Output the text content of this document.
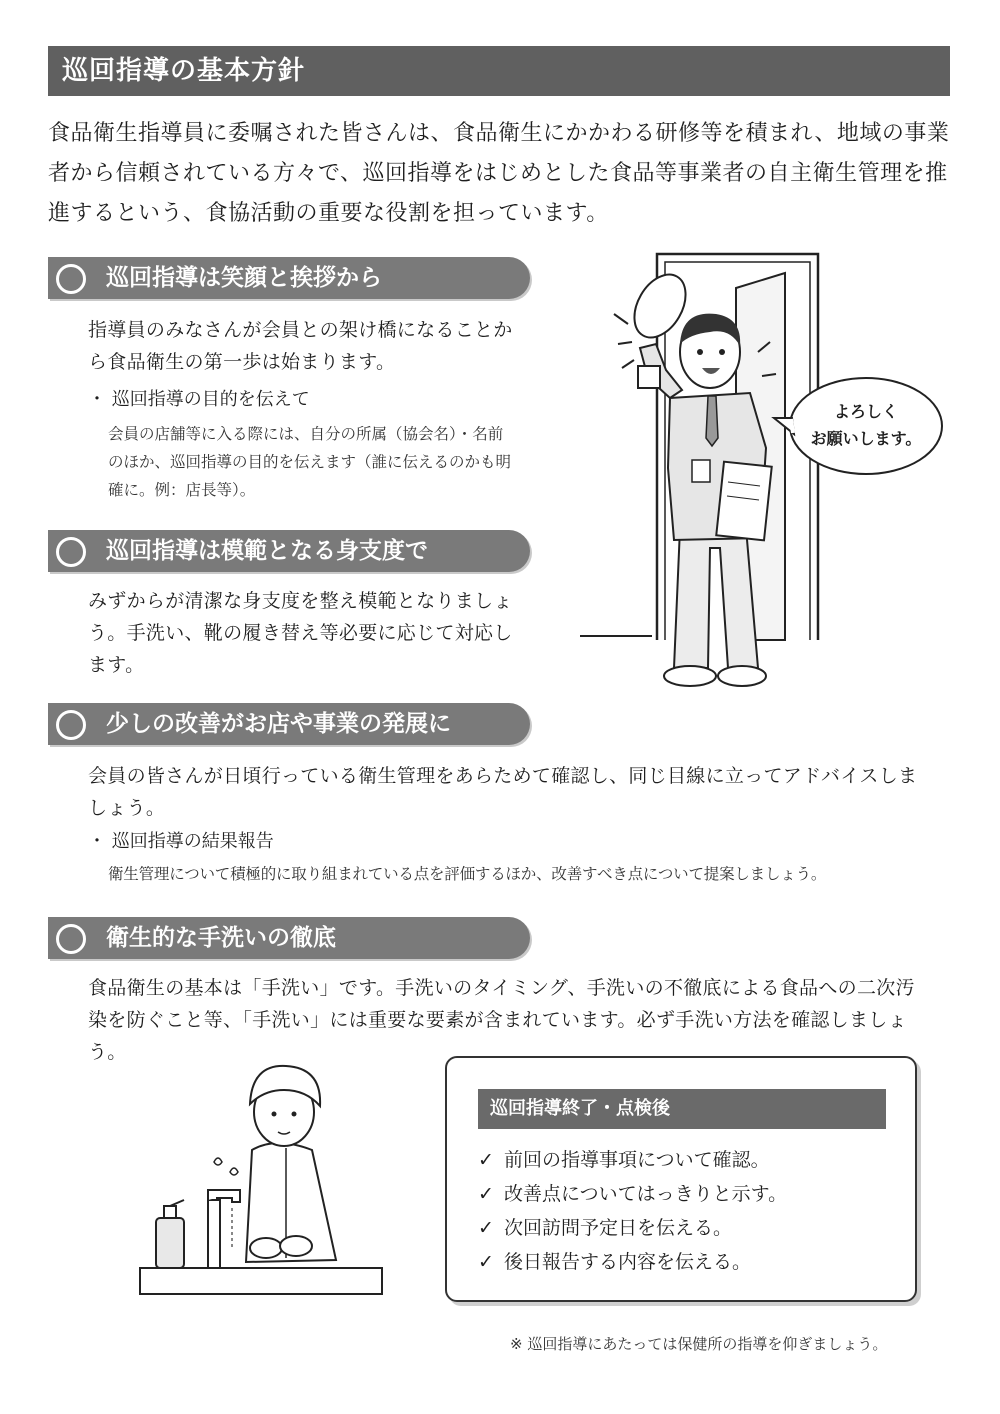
巡回指導の基本方針
食品衛生指導員に委嘱された皆さんは、食品衛生にかかわる研修等を積まれ、地域の事業者から信頼されている方々で、巡回指導をはじめとした食品等事業者の自主衛生管理を推進するという、食協活動の重要な役割を担っています。
巡回指導は笑顔と挨拶から
指導員のみなさんが会員との架け橋になることから食品衛生の第一歩は始まります。
・ 巡回指導の目的を伝えて
会員の店舗等に入る際には、自分の所属（協会名）・名前のほか、巡回指導の目的を伝えます（誰に伝えるのかも明確に。例：店長等）。
巡回指導は模範となる身支度で
みずからが清潔な身支度を整え模範となりましょう。手洗い、靴の履き替え等必要に応じて対応します。
よろしく
お願いします。
少しの改善がお店や事業の発展に
会員の皆さんが日頃行っている衛生管理をあらためて確認し、同じ目線に立ってアドバイスしましょう。
・ 巡回指導の結果報告
衛生管理について積極的に取り組まれている点を評価するほか、改善すべき点について提案しましょう。
衛生的な手洗いの徹底
食品衛生の基本は「手洗い」です。手洗いのタイミング、手洗いの不徹底による食品への二次汚染を防ぐこと等、「手洗い」には重要な要素が含まれています。必ず手洗い方法を確認しましょう。
巡回指導終了・点検後
✓ 前回の指導事項について確認。
✓ 改善点についてはっきりと示す。
✓ 次回訪問予定日を伝える。
✓ 後日報告する内容を伝える。
※ 巡回指導にあたっては保健所の指導を仰ぎましょう。
